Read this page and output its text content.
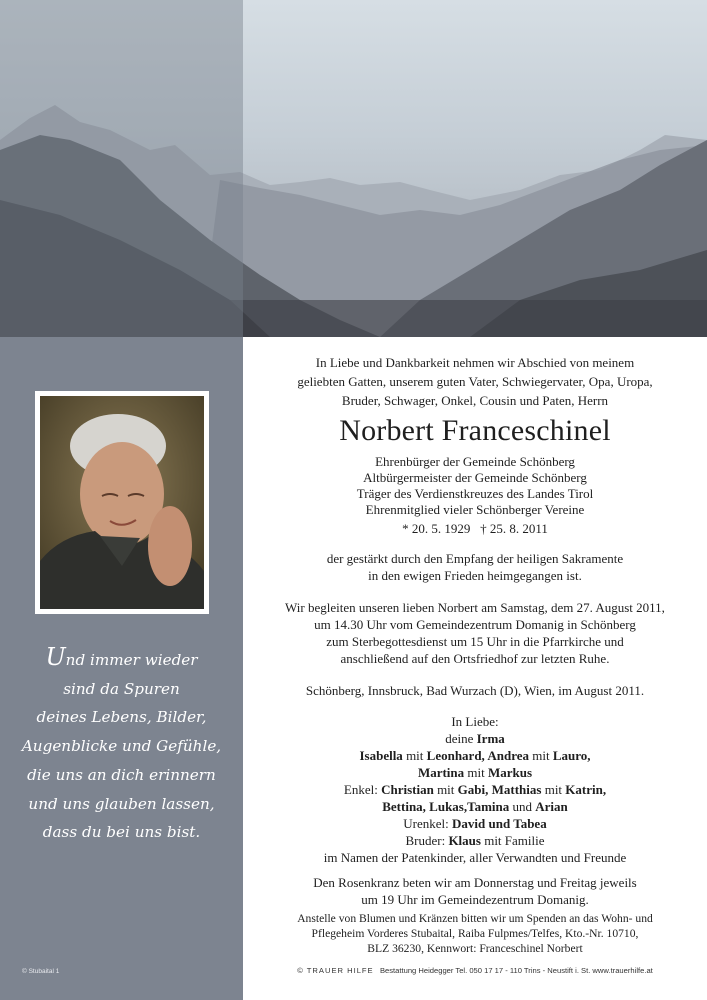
Und immer wieder
sind da Spuren
deines Lebens, Bilder,
Augenblicke und Gefühle,
die uns an dich erinnern
und uns glauben lassen,
dass du bei uns bist.
© Stubaital 1
In Liebe und Dankbarkeit nehmen wir Abschied von meinem
geliebten Gatten, unserem guten Vater, Schwiegervater, Opa, Uropa,
Bruder, Schwager, Onkel, Cousin und Paten, Herrn
Norbert Franceschinel
Ehrenbürger der Gemeinde Schönberg
Altbürgermeister der Gemeinde Schönberg
Träger des Verdienstkreuzes des Landes Tirol
Ehrenmitglied vieler Schönberger Vereine
* 20. 5. 1929   † 25. 8. 2011
der gestärkt durch den Empfang der heiligen Sakramente
in den ewigen Frieden heimgegangen ist.
Wir begleiten unseren lieben Norbert am Samstag, dem 27. August 2011,
um 14.30 Uhr vom Gemeindezentrum Domanig in Schönberg
zum Sterbegottesdienst um 15 Uhr in die Pfarrkirche und
anschließend auf den Ortsfriedhof zur letzten Ruhe.
Schönberg, Innsbruck, Bad Wurzach (D), Wien, im August 2011.
In Liebe:
deine Irma
Isabella mit Leonhard, Andrea mit Lauro,
Martina mit Markus
Enkel: Christian mit Gabi, Matthias mit Katrin,
Bettina, Lukas,Tamina und Arian
Urenkel: David und Tabea
Bruder: Klaus mit Familie
im Namen der Patenkinder, aller Verwandten und Freunde
Den Rosenkranz beten wir am Donnerstag und Freitag jeweils
um 19 Uhr im Gemeindezentrum Domanig.
Anstelle von Blumen und Kränzen bitten wir um Spenden an das Wohn- und
Pflegeheim Vorderes Stubaital, Raiba Fulpmes/Telfes, Kto.-Nr. 10710,
BLZ 36230, Kennwort: Franceschinel Norbert
© TRAUER HILFE Bestattung Heidegger Tel. 050 17 17 - 110 Trins - Neustift i. St. www.trauerhilfe.at
